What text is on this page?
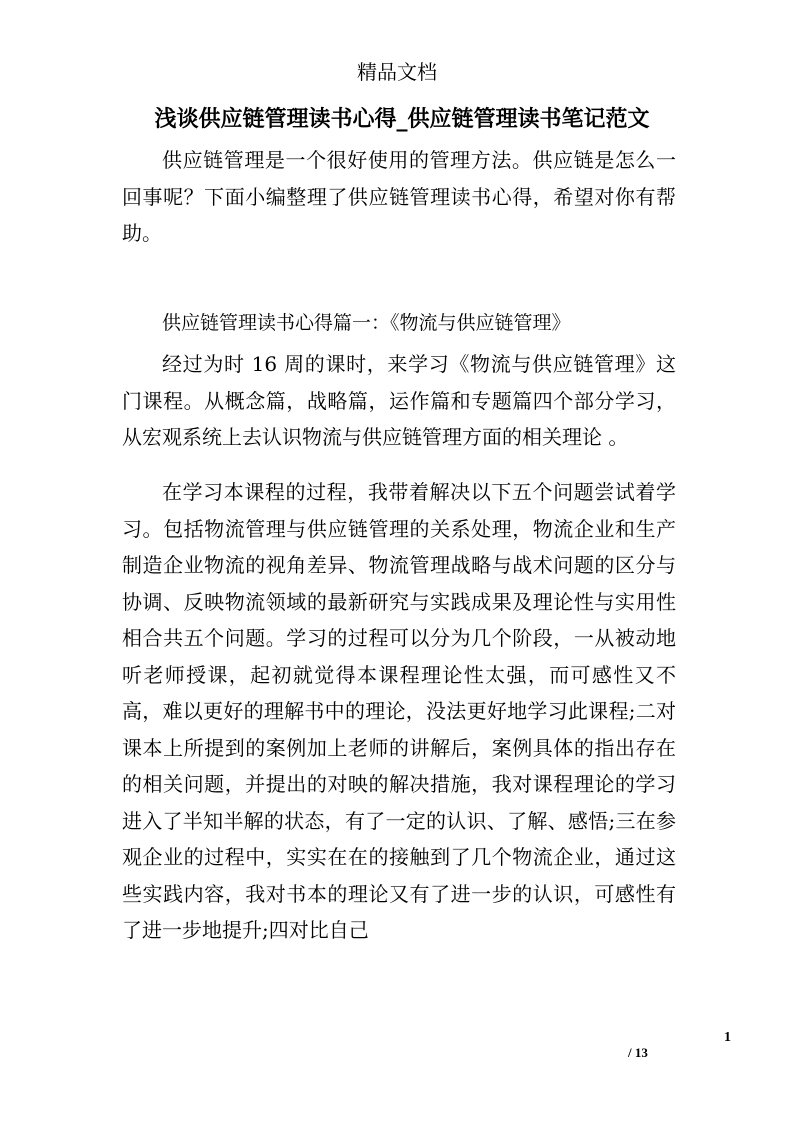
精品文档
浅谈供应链管理读书心得_供应链管理读书笔记范文

供应链管理是一个很好使用的管理方法。供应链是怎么一回事呢？下面小编整理了供应链管理读书心得，希望对你有帮助。

供应链管理读书心得篇一：《物流与供应链管理》

经过为时 16 周的课时，来学习《物流与供应链管理》这门课程。从概念篇，战略篇，运作篇和专题篇四个部分学习，从宏观系统上去认识物流与供应链管理方面的相关理论 。

在学习本课程的过程，我带着解决以下五个问题尝试着学习。包括物流管理与供应链管理的关系处理，物流企业和生产制造企业物流的视角差异、物流管理战略与战术问题的区分与协调、反映物流领域的最新研究与实践成果及理论性与实用性相合共五个问题。学习的过程可以分为几个阶段，一从被动地听老师授课，起初就觉得本课程理论性太强，而可感性又不高，难以更好的理解书中的理论，没法更好地学习此课程;二对课本上所提到的案例加上老师的讲解后，案例具体的指出存在的相关问题，并提出的对映的解决措施，我对课程理论的学习进入了半知半解的状态，有了一定的认识、了解、感悟;三在参观企业的过程中，实实在在的接触到了几个物流企业，通过这些实践内容，我对书本的理论又有了进一步的认识，可感性有了进一步地提升;四对比自己

1
/ 13
